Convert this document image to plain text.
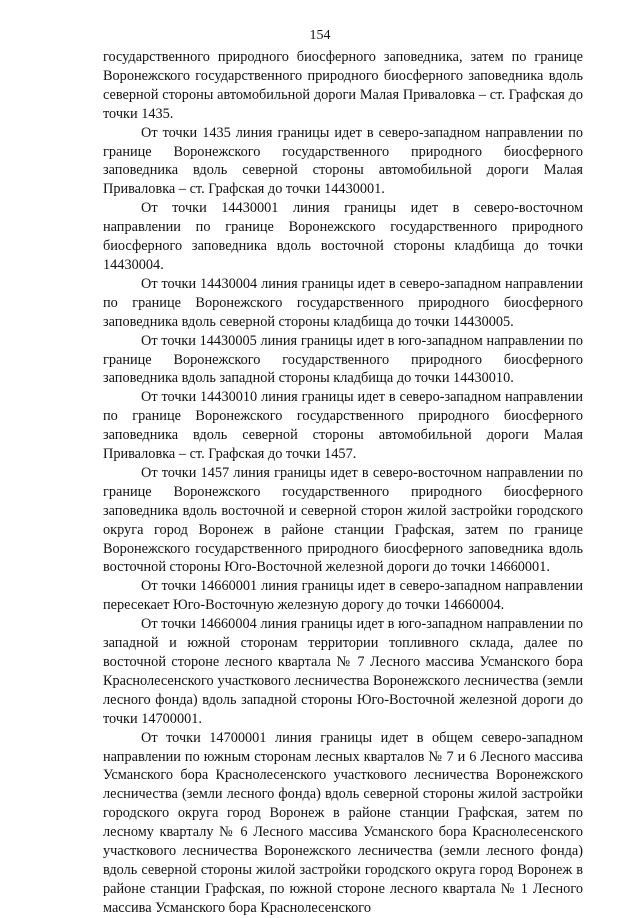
154

государственного природного биосферного заповедника, затем по границе Воронежского государственного природного биосферного заповедника вдоль северной стороны автомобильной дороги Малая Приваловка – ст. Графская до точки 1435.

От точки 1435 линия границы идет в северо-западном направлении по границе Воронежского государственного природного биосферного заповедника вдоль северной стороны автомобильной дороги Малая Приваловка – ст. Графская до точки 14430001.

От точки 14430001 линия границы идет в северо-восточном направлении по границе Воронежского государственного природного биосферного заповедника вдоль восточной стороны кладбища до точки 14430004.

От точки 14430004 линия границы идет в северо-западном направлении по границе Воронежского государственного природного биосферного заповедника вдоль северной стороны кладбища до точки 14430005.

От точки 14430005 линия границы идет в юго-западном направлении по границе Воронежского государственного природного биосферного заповедника вдоль западной стороны кладбища до точки 14430010.

От точки 14430010 линия границы идет в северо-западном направлении по границе Воронежского государственного природного биосферного заповедника вдоль северной стороны автомобильной дороги Малая Приваловка – ст. Графская до точки 1457.

От точки 1457 линия границы идет в северо-восточном направлении по границе Воронежского государственного природного биосферного заповедника вдоль восточной и северной сторон жилой застройки городского округа город Воронеж в районе станции Графская, затем по границе Воронежского государственного природного биосферного заповедника вдоль восточной стороны Юго-Восточной железной дороги до точки 14660001.

От точки 14660001 линия границы идет в северо-западном направлении пересекает Юго-Восточную железную дорогу до точки 14660004.

От точки 14660004 линия границы идет в юго-западном направлении по западной и южной сторонам территории топливного склада, далее по восточной стороне лесного квартала № 7 Лесного массива Усманского бора Краснолесенского участкового лесничества Воронежского лесничества (земли лесного фонда) вдоль западной стороны Юго-Восточной железной дороги до точки 14700001.

От точки 14700001 линия границы идет в общем северо-западном направлении по южным сторонам лесных кварталов № 7 и 6 Лесного массива Усманского бора Краснолесенского участкового лесничества Воронежского лесничества (земли лесного фонда) вдоль северной стороны жилой застройки городского округа город Воронеж в районе станции Графская, затем по лесному кварталу № 6 Лесного массива Усманского бора Краснолесенского участкового лесничества Воронежского лесничества (земли лесного фонда) вдоль северной стороны жилой застройки городского округа город Воронеж в районе станции Графская, по южной стороне лесного квартала № 1 Лесного массива Усманского бора Краснолесенского
